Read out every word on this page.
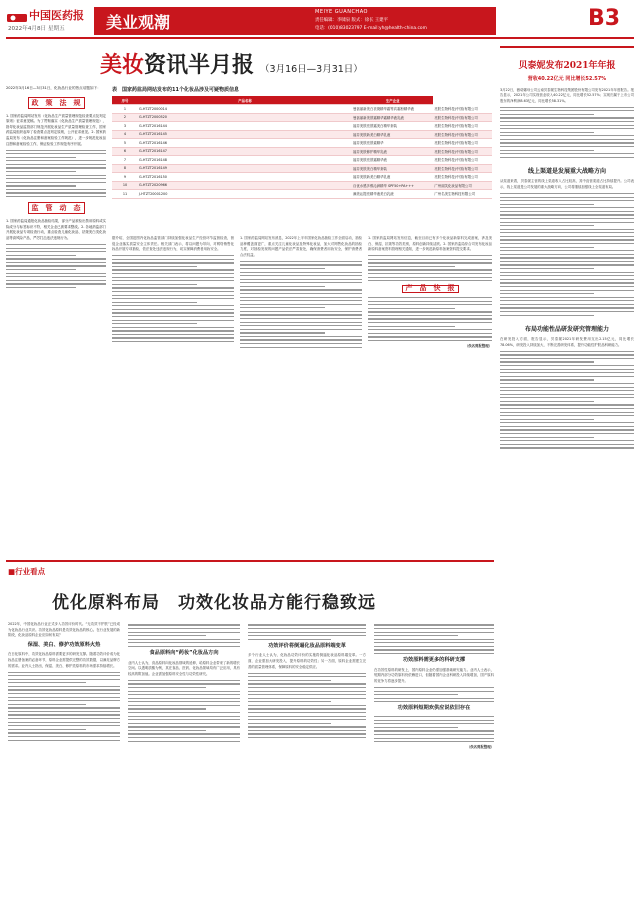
中国医药报
2022年4月8日 星期五	美业观潮
MEIYE GUANCHAO
责任编辑：李啸泉 版式：徐长 王建平
电话：(010)83023797 E-mail:yh@health-china.com	B3
美妆资讯半月报 （3月16日—3月31日）
2022年3月16日—3月31日，化妆品行业的热点话题如下：
政　策　法　规
1. 国家药监局网站发布《化妆品生产质量管理规范检查要点及判定原则》征求意见稿。为了贯彻落实《化妆品生产质量管理规范》，指导化妆品监管部门规范开展化妆品生产质量管理检查工作，国家药监局组织起草了检查要点及判定原则，公开征求意见。2. 国家药监局发布《化妆品注册和备案检验工作规范》，进一步规范化妆品注册和备案检验工作，保证检验工作规范有序开展。
监　管　动　态
1. 国家药监局通报化妆品抽检结果，部分产品被检出禁用原料或实际成分与标签标识不符，相关企业已被要求整改。2. 各地药监部门开展化妆品专项检查行动，重点检查儿童化妆品、祛斑美白类化妆品等高风险产品，严厉打击违法违规行为。
表　国家药监局网站发布的11个化妆品涉及可疑物质信息
序号	产品名称	生产企业	
1	G-HTZT2000014	曼蓓丽新美白祛斑精华霜等宾霜粉精华液	亮肤生物科技(中国)有限公司
2	G-HTZT2000520	曼蓓丽新美肤霜精华霜精华液乳液	亮肤生物科技(中国)有限公司
3	G-HTZT2016144	福芬美肤亮肤霜美白精华套装	亮肤生物科技(中国)有限公司
4	G-HTZT2016145	福芬美肤新美白精华乳液	亮肤生物科技(中国)有限公司
5	G-HTZT2016146	福芬美肤亮肤素精华	亮肤生物科技(中国)有限公司
6	G-HTZT2016147	福芬美肤修护精华乳液	亮肤生物科技(中国)有限公司
7	G-HTZT2016148	福芬美肤亮肤霜精华液	亮肤生物科技(中国)有限公司
8	G-HTZT2016149	福芬美肤美白精华套装	亮肤生物科技(中国)有限公司
9	G-HTZT2016150	福芬美肤新美白精华乳液	亮肤生物科技(中国)有限公司
10	G-HTZT2020966	百优水感多维沁润精华 SPF50+PA+++	广州丽芙化妆品有限公司
11	J-HTZT20001200	满美沁提亮精华液美白乳液	广州名美生物科技有限公司
据介绍，全国范围内化妆品监管部门持续加强化妆品生产经营环节监督检查，督促企业落实质量安全主体责任。相关部门表示，将以问题为导向，对网络销售化妆品开展专项抽检，依法查处违法违规行为，切实保障消费者用妆安全。
1. 国家药监局网站发布消息，2022年上半年国家化妆品抽检工作全面启动，抽检品种覆盖面更广，重点关注儿童化妆品及特殊化妆品，加大对网售化妆品的抽检力度，对抽检发现的问题产品依法严肃查处，确保消费者用妆安全，保护消费者合法权益。
1. 国家药监局网站发布信息，截至目前已有多个化妆品新原料完成备案，涉及美白、保湿、抗皱等功效类别，原料创新持续活跃。2. 国家药监局综合司发布化妆品新原料备案资料管理相关通知，进一步规范新原料备案资料提交要求。
产　品　快　报
（佚名剪报整理）
贝泰妮发布2021年年报
营收40.22亿元 同比增长52.57%
3月22日，薇诺娜母公司云南贝泰妮生物科技集团股份有限公司发布2021年年度报告。报告显示，2021年公司实现营业收入40.22亿元，同比增长52.57%；实现归属于上市公司股东的净利润8.63亿元，同比增长58.31%。
线上渠道是发展重大战略方向
从渠道来看，贝泰妮主营的线上渠道收入占比较高，其中直营渠道占比持续提升。公司表示，线上渠道是公司发展的重大战略方向，公司将继续加强线上全渠道布局。
布局功能性品研发研究管理能力
在研发投入方面，报告显示，贝泰妮2021年研发费用支出2.15亿元，同比增长78.06%，研发投入持续加大，不断完善研发体系，提升功能性护肤品科研能力。
■行业看点
优化原料布局　功效化妆品方能行稳致远
2022年，中国化妆品行业正式步入功效评价时代。“无功效不护肤”已经成为化妆品行业共识。功效化妆品原料是功效化妆品的核心。在行业发展的新阶段，化妆品原料企业应如何布局？
保湿、美白、修护功效原料火热
在日化原料中，功效化妆品原料需要更多的研发支撑。随着功效评价成为化妆品注册备案的必备环节，原料企业需提供完整的功效数据，以满足品牌方的需求。业内人士指出，保湿、美白、修护类原料的市场需求持续增长。
食品原料向“药妆”化妆品方向
业内人士认为，食品原料向化妆品领域的延伸，给原料企业带来了新的增长空间。以透明质酸为例，其在食品、医药、化妆品领域均有广泛应用，具有较高的附加值。企业需加强原料安全性与功效性研究。
功效评价将倒逼化妆品原料端变革
多个行业人士认为，化妆品功效评价的实施将倒逼化妆品原料端变革。一方面，企业需加大研发投入，提升原料的功效性；另一方面，原料企业需建立完善的质量管理体系，保障原料的安全稳定供应。
功效原料需更多的科研支撑
在功效性原料的研发上，国内原料企业仍需加强基础研究能力。业内人士表示，短期内部分功效原料仍依赖进口，但随着国内企业科研投入持续增加，国产原料的竞争力将逐步提升。
功效原料短期欢供应说依旧存在
（佚名剪报整理）
